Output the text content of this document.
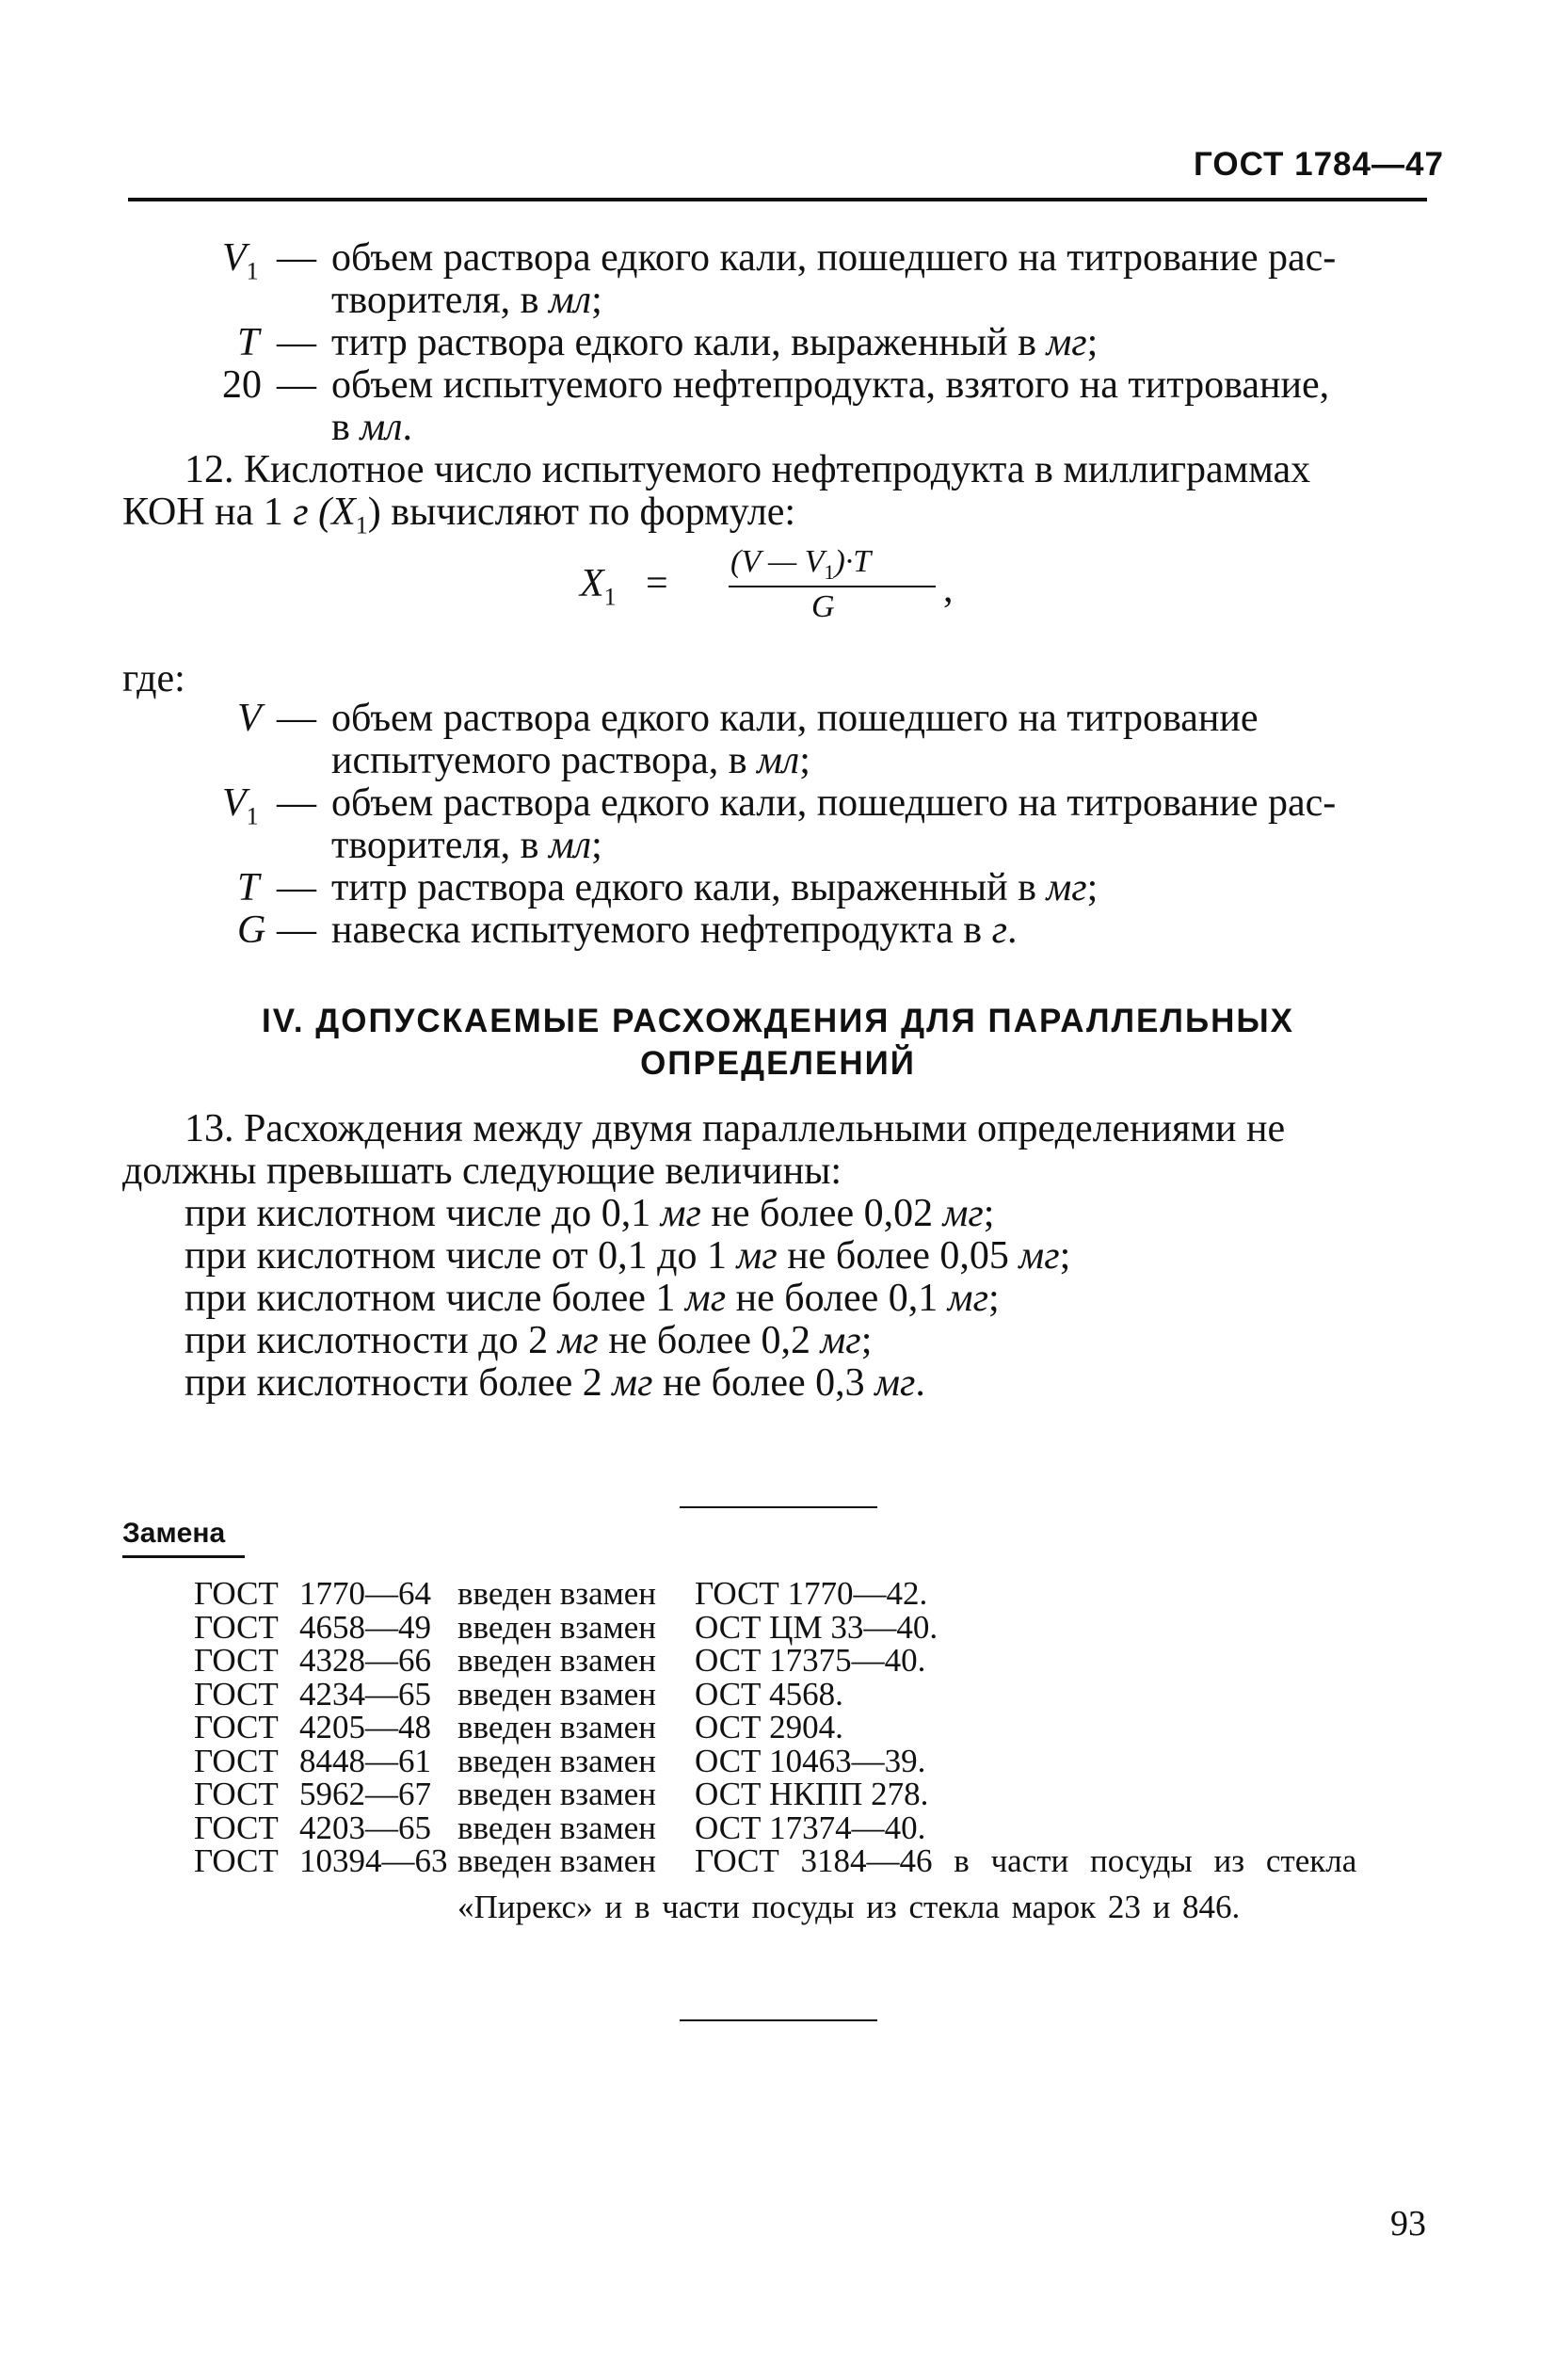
ГОСТ 1784—47
$V_1$ — объем раствора едкого кали, пошедшего на титрование рас-
творителя, в мл;
T — титр раствора едкого кали, выраженный в мг;
20 — объем испытуемого нефтепродукта, взятого на титрование,
в мл.
12. Кислотное число испытуемого нефтепродукта в миллиграммах
КОН на 1 г $(X_1)$ вычисляют по формуле:
$X_1$ =
(V — $V_1)\cdot T$
G	,
где:
V — объем раствора едкого кали, пошедшего на титрование
испытуемого раствора, в мл;
$V_1$ — объем раствора едкого кали, пошедшего на титрование рас-
творителя, в мл;
T — титр раствора едкого кали, выраженный в мг;
G — навеска испытуемого нефтепродукта в г.
IV. ДОПУСКАЕМЫЕ РАСХОЖДЕНИЯ ДЛЯ ПАРАЛЛЕЛЬНЫХ
ОПРЕДЕЛЕНИЙ
13. Расхождения между двумя параллельными определениями не
должны превышать следующие величины:
при кислотном числе до 0,1 мг не более 0,02 мг;
при кислотном числе от 0,1 до 1 мг не более 0,05 мг;
при кислотном числе более 1 мг не более 0,1 мг;
при кислотности до 2 мг не более 0,2 мг;
при кислотности более 2 мг не более 0,3 мг.
Замена
ГОСТ 1770—64 введен взамен ГОСТ 1770—42.
ГОСТ 4658—49 введен взамен ОСТ ЦМ 33—40.
ГОСТ 4328—66 введен взамен ОСТ 17375—40.
ГОСТ 4234—65 введен взамен ОСТ 4568.
ГОСТ 4205—48 введен взамен ОСТ 2904.
ГОСТ 8448—61 введен взамен ОСТ 10463—39.
ГОСТ 5962—67 введен взамен ОСТ НКПП 278.
ГОСТ 4203—65 введен взамен ОСТ 17374—40.
ГОСТ 10394—63 введен взамен ГОСТ 3184—46 в части посуды из стекла
«Пирекс» и в части посуды из стекла марок 23 и 846.
93
